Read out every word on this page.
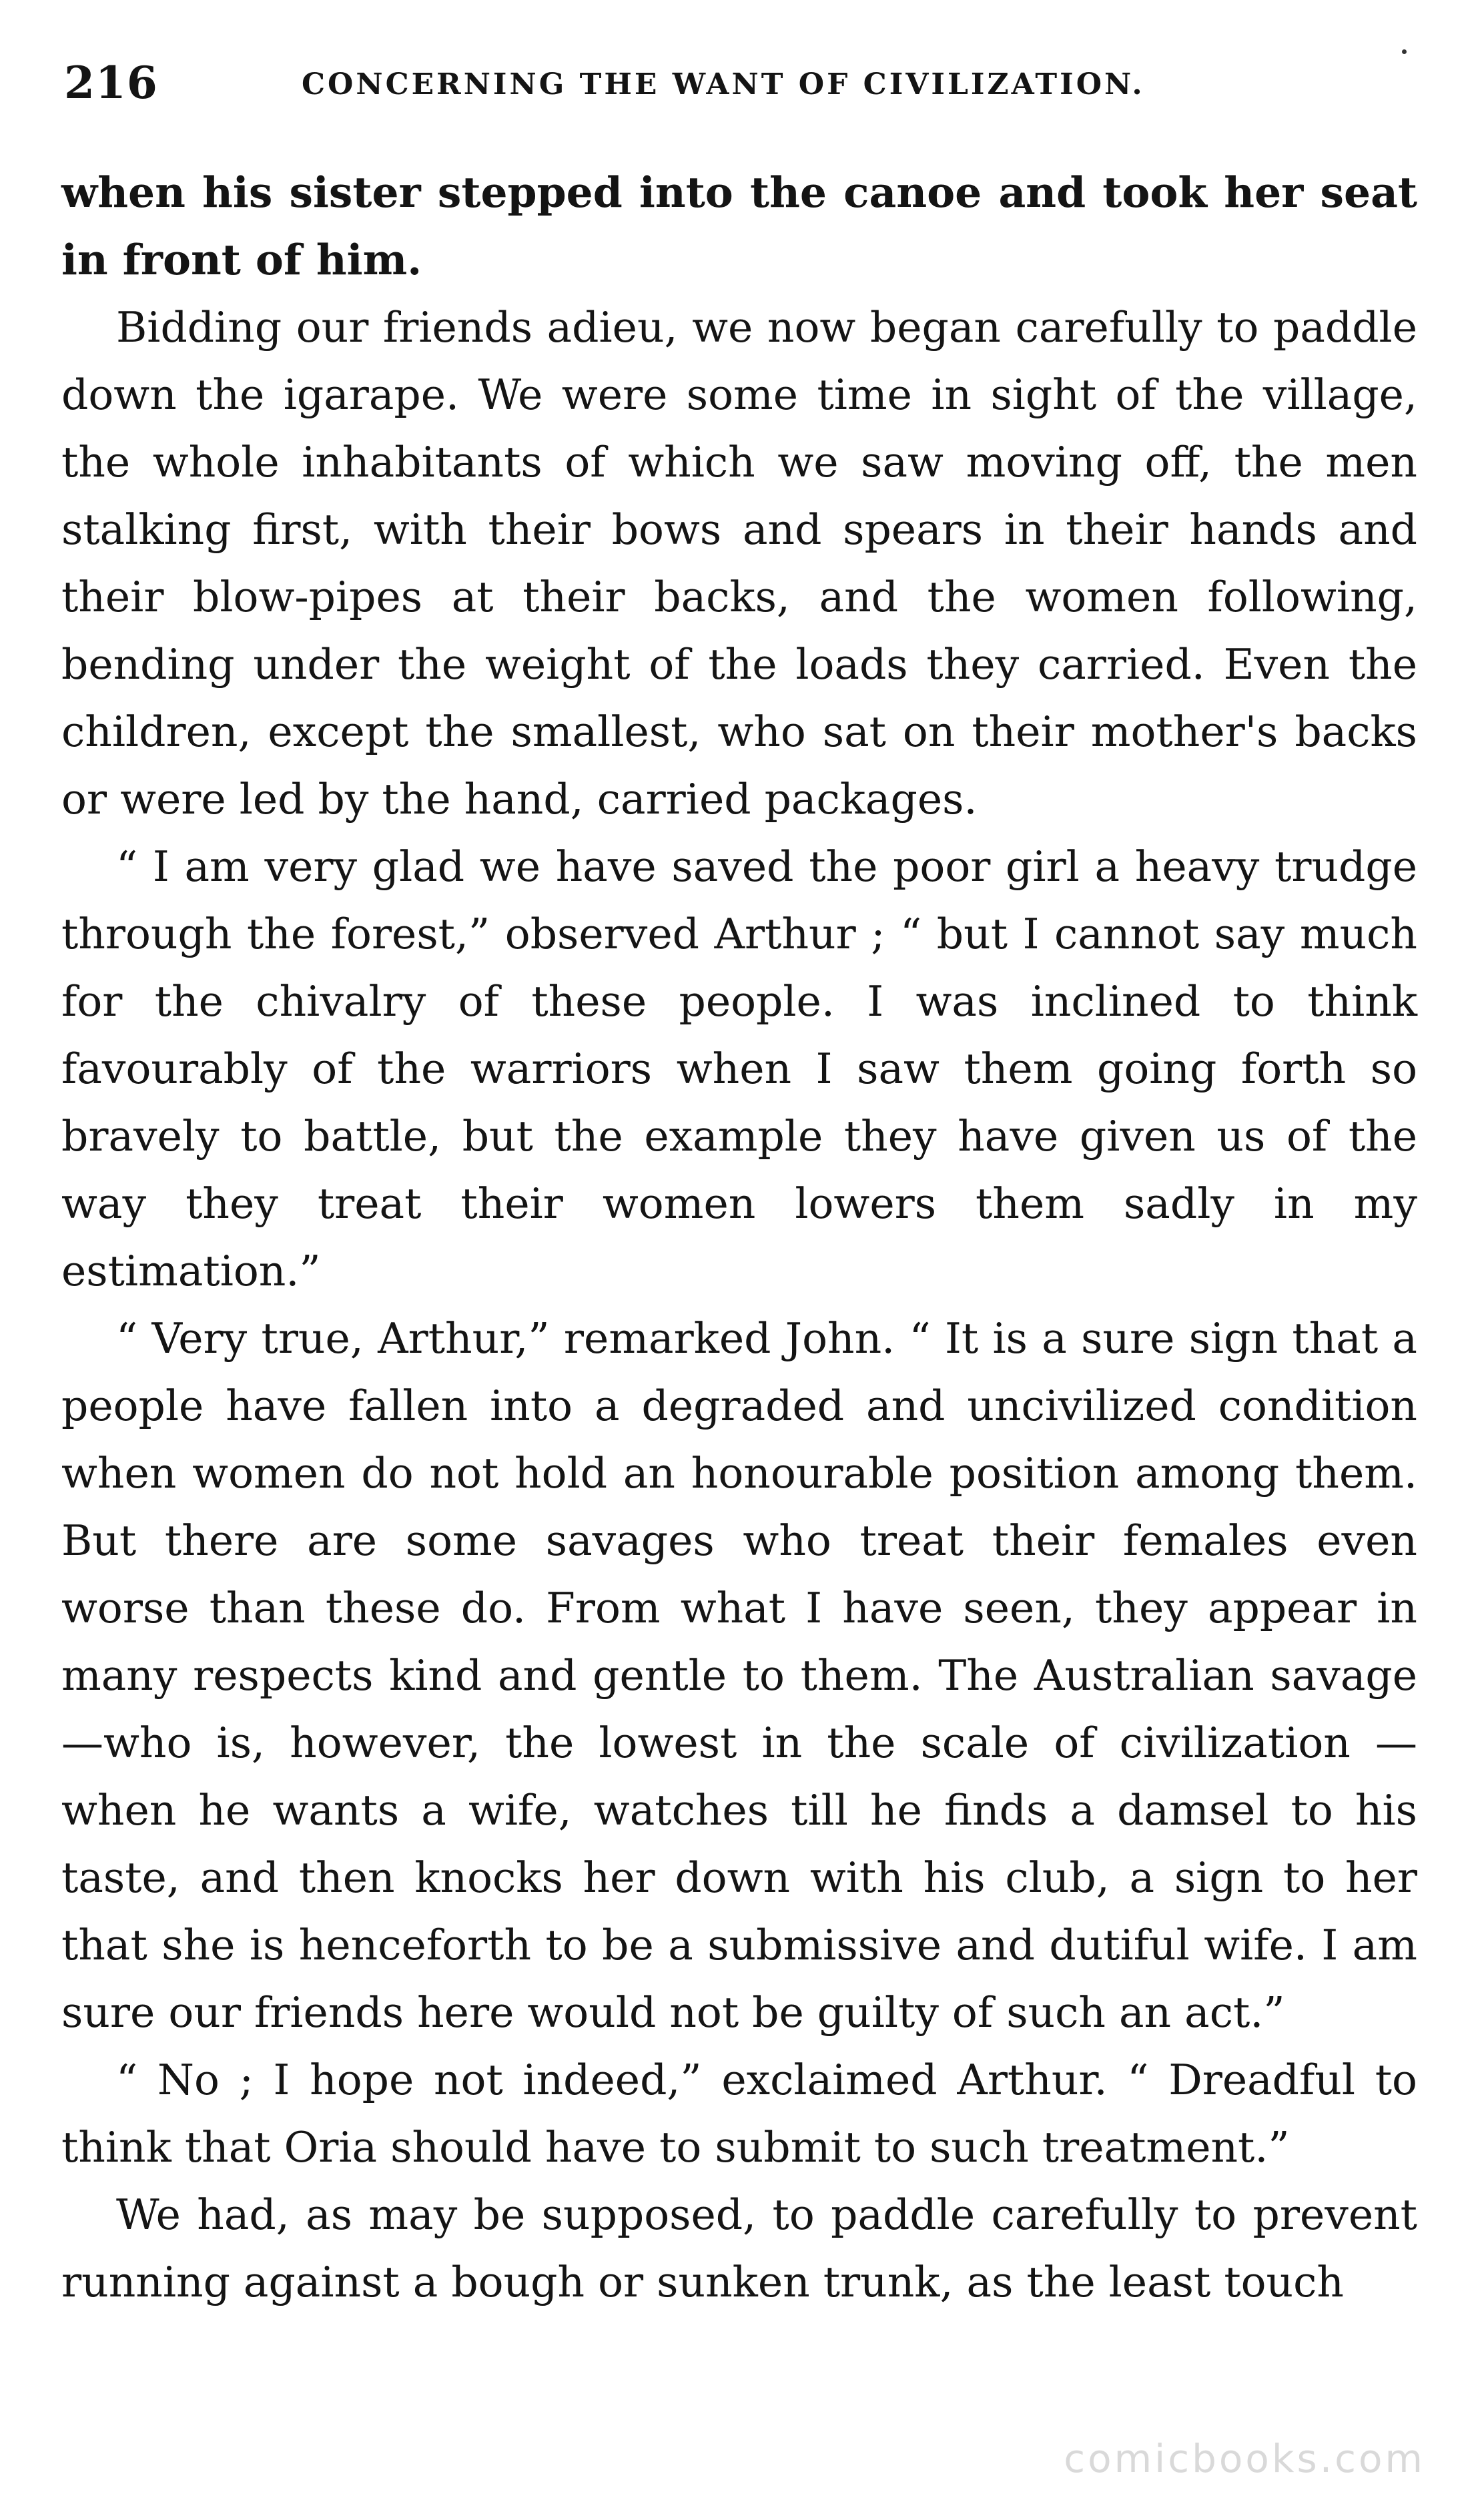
216	CONCERNING THE WANT OF CIVILIZATION.

when his sister stepped into the canoe and took her seat in front of him.

Bidding our friends adieu, we now began carefully to paddle down the igarape. We were some time in sight of the village, the whole inhabitants of which we saw moving off, the men stalking first, with their bows and spears in their hands and their blow-pipes at their backs, and the women following, bending under the weight of the loads they carried. Even the children, except the smallest, who sat on their mother's backs or were led by the hand, carried packages.

“ I am very glad we have saved the poor girl a heavy trudge through the forest,” observed Arthur ; “ but I cannot say much for the chivalry of these people. I was inclined to think favourably of the warriors when I saw them going forth so bravely to battle, but the example they have given us of the way they treat their women lowers them sadly in my estimation.”

“ Very true, Arthur,” remarked John. “ It is a sure sign that a people have fallen into a degraded and uncivilized condition when women do not hold an honourable position among them. But there are some savages who treat their females even worse than these do. From what I have seen, they appear in many respects kind and gentle to them. The Australian savage—who is, however, the lowest in the scale of civilization —when he wants a wife, watches till he finds a damsel to his taste, and then knocks her down with his club, a sign to her that she is henceforth to be a submissive and dutiful wife. I am sure our friends here would not be guilty of such an act.”

“ No ; I hope not indeed,” exclaimed Arthur. “ Dreadful to think that Oria should have to submit to such treatment.”

We had, as may be supposed, to paddle carefully to prevent running against a bough or sunken trunk, as the least touch

comicbooks.com
